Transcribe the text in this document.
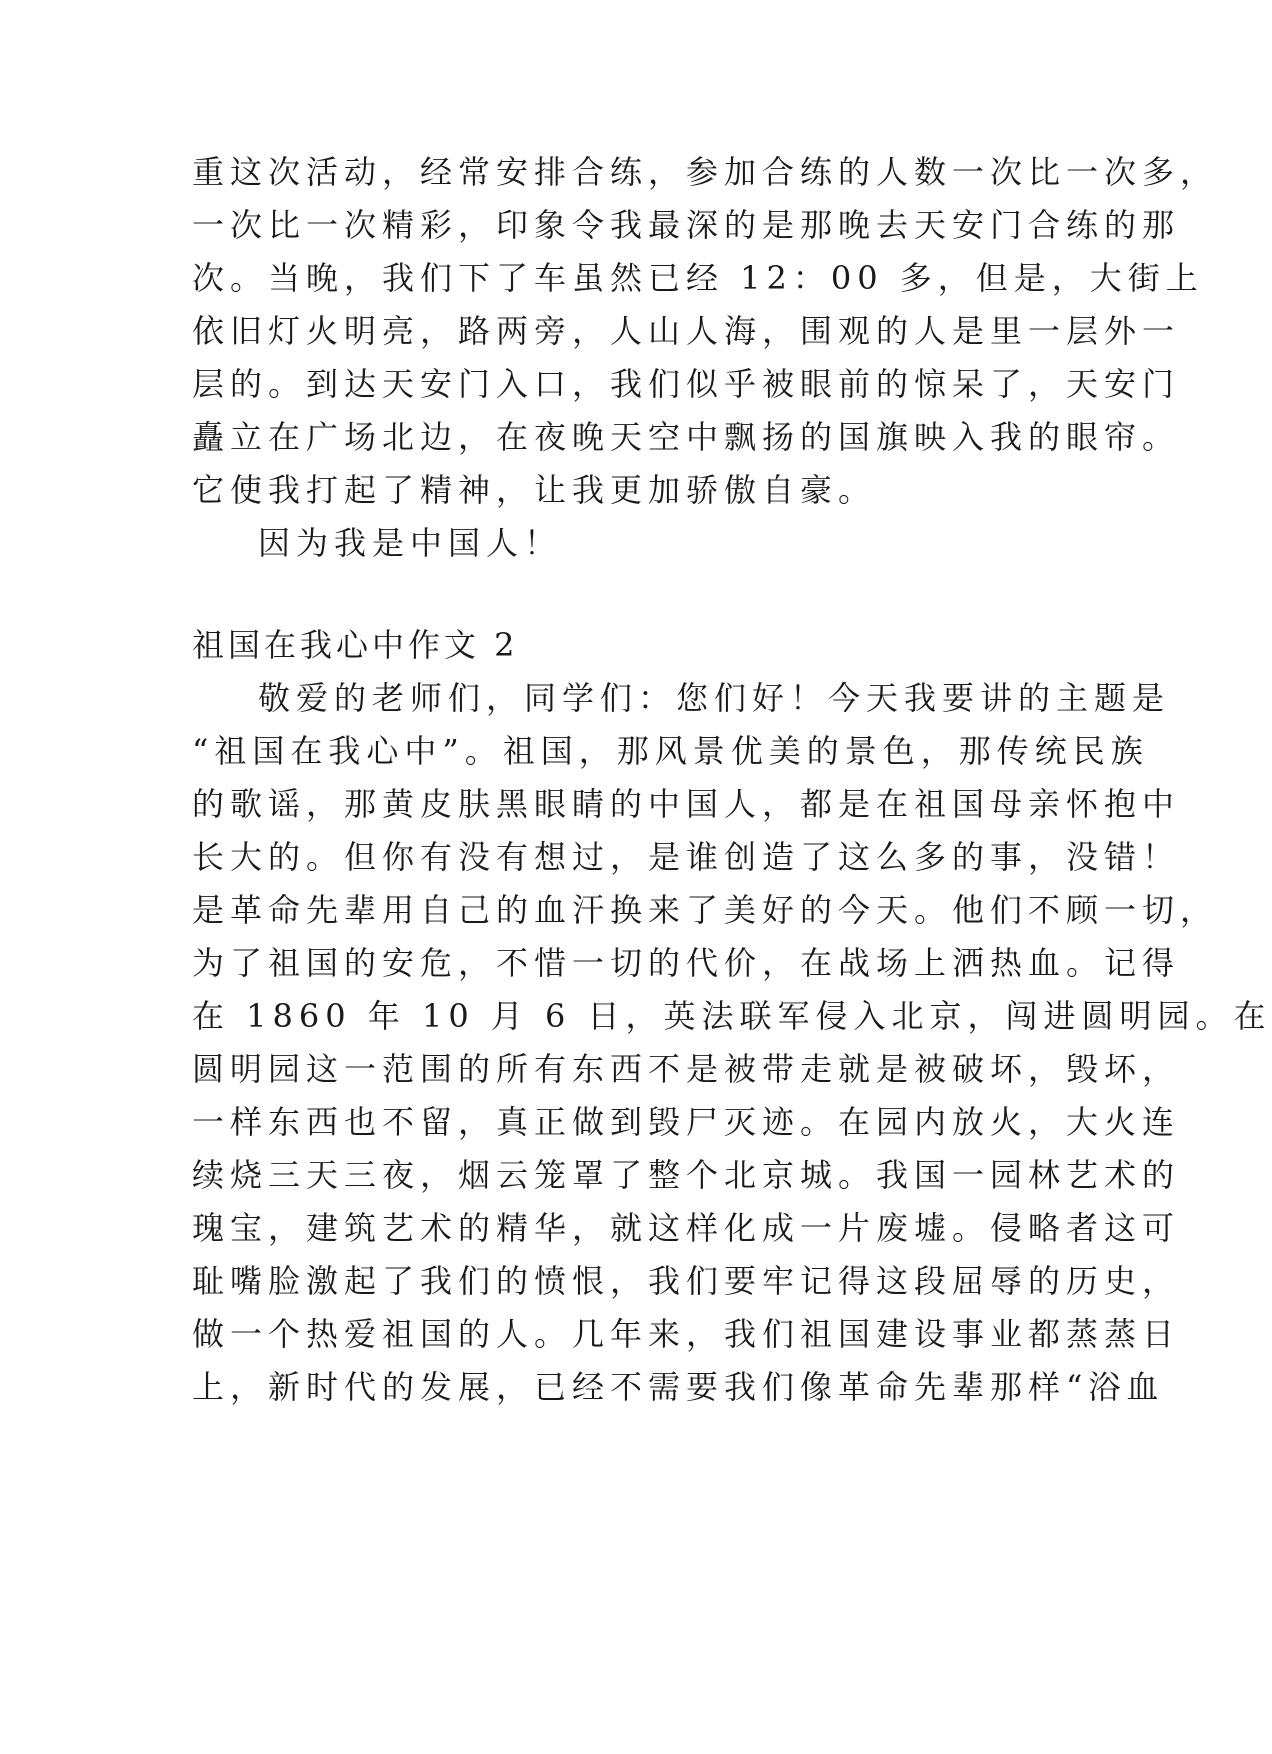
重这次活动，经常安排合练，参加合练的人数一次比一次多，
一次比一次精彩，印象令我最深的是那晚去天安门合练的那
次。当晚，我们下了车虽然已经 12：00 多，但是，大街上
依旧灯火明亮，路两旁，人山人海，围观的人是里一层外一
层的。到达天安门入口，我们似乎被眼前的惊呆了，天安门
矗立在广场北边，在夜晚天空中飘扬的国旗映入我的眼帘。
它使我打起了精神，让我更加骄傲自豪。
因为我是中国人！
祖国在我心中作文 2
敬爱的老师们，同学们：您们好！今天我要讲的主题是
“祖国在我心中”。祖国，那风景优美的景色，那传统民族
的歌谣，那黄皮肤黑眼睛的中国人，都是在祖国母亲怀抱中
长大的。但你有没有想过，是谁创造了这么多的事，没错！
是革命先辈用自己的血汗换来了美好的今天。他们不顾一切，
为了祖国的安危，不惜一切的代价，在战场上洒热血。记得
在 1860 年 10 月 6 日，英法联军侵入北京，闯进圆明园。在
圆明园这一范围的所有东西不是被带走就是被破坏，毁坏，
一样东西也不留，真正做到毁尸灭迹。在园内放火，大火连
续烧三天三夜，烟云笼罩了整个北京城。我国一园林艺术的
瑰宝，建筑艺术的精华，就这样化成一片废墟。侵略者这可
耻嘴脸激起了我们的愤恨，我们要牢记得这段屈辱的历史，
做一个热爱祖国的人。几年来，我们祖国建设事业都蒸蒸日
上，新时代的发展，已经不需要我们像革命先辈那样“浴血
